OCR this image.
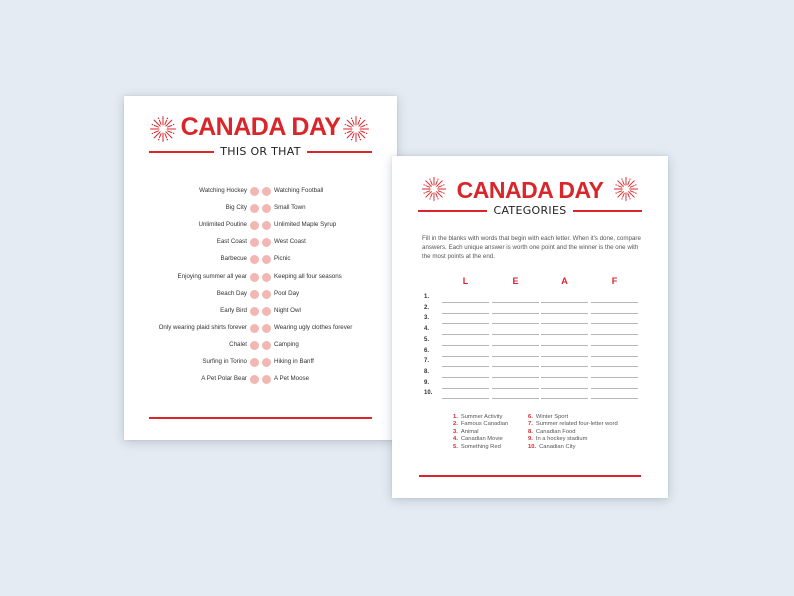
CANADA DAY
THIS OR THAT
Watching Hockey	Watching Football
Big City	Small Town
Unlimited Poutine	Unlimited Maple Syrup
East Coast	West Coast
Barbecue	Picnic
Enjoying summer all year	Keeping all four seasons
Beach Day	Pool Day
Early Bird	Night Owl
Only wearing plaid shirts forever	Wearing ugly clothes forever
Chalet	Camping
Surfing in Torino	Hiking in Banff
A Pet Polar Bear	A Pet Moose
CANADA DAY
CATEGORIES
Fill in the blanks with words that begin with each letter. When it's done, compare answers. Each unique answer is worth one point and the winner is the one with the most points at the end.
L	E	A	F
1.
2.
3.
4.
5.
6.
7.
8.
9.
10.
1. Summer Activity
2. Famous Canadian
3. Animal
4. Canadian Movie
5. Something Red
6. Winter Sport
7. Summer related four-letter word
8. Canadian Food
9. In a hockey stadium
10. Canadian City
